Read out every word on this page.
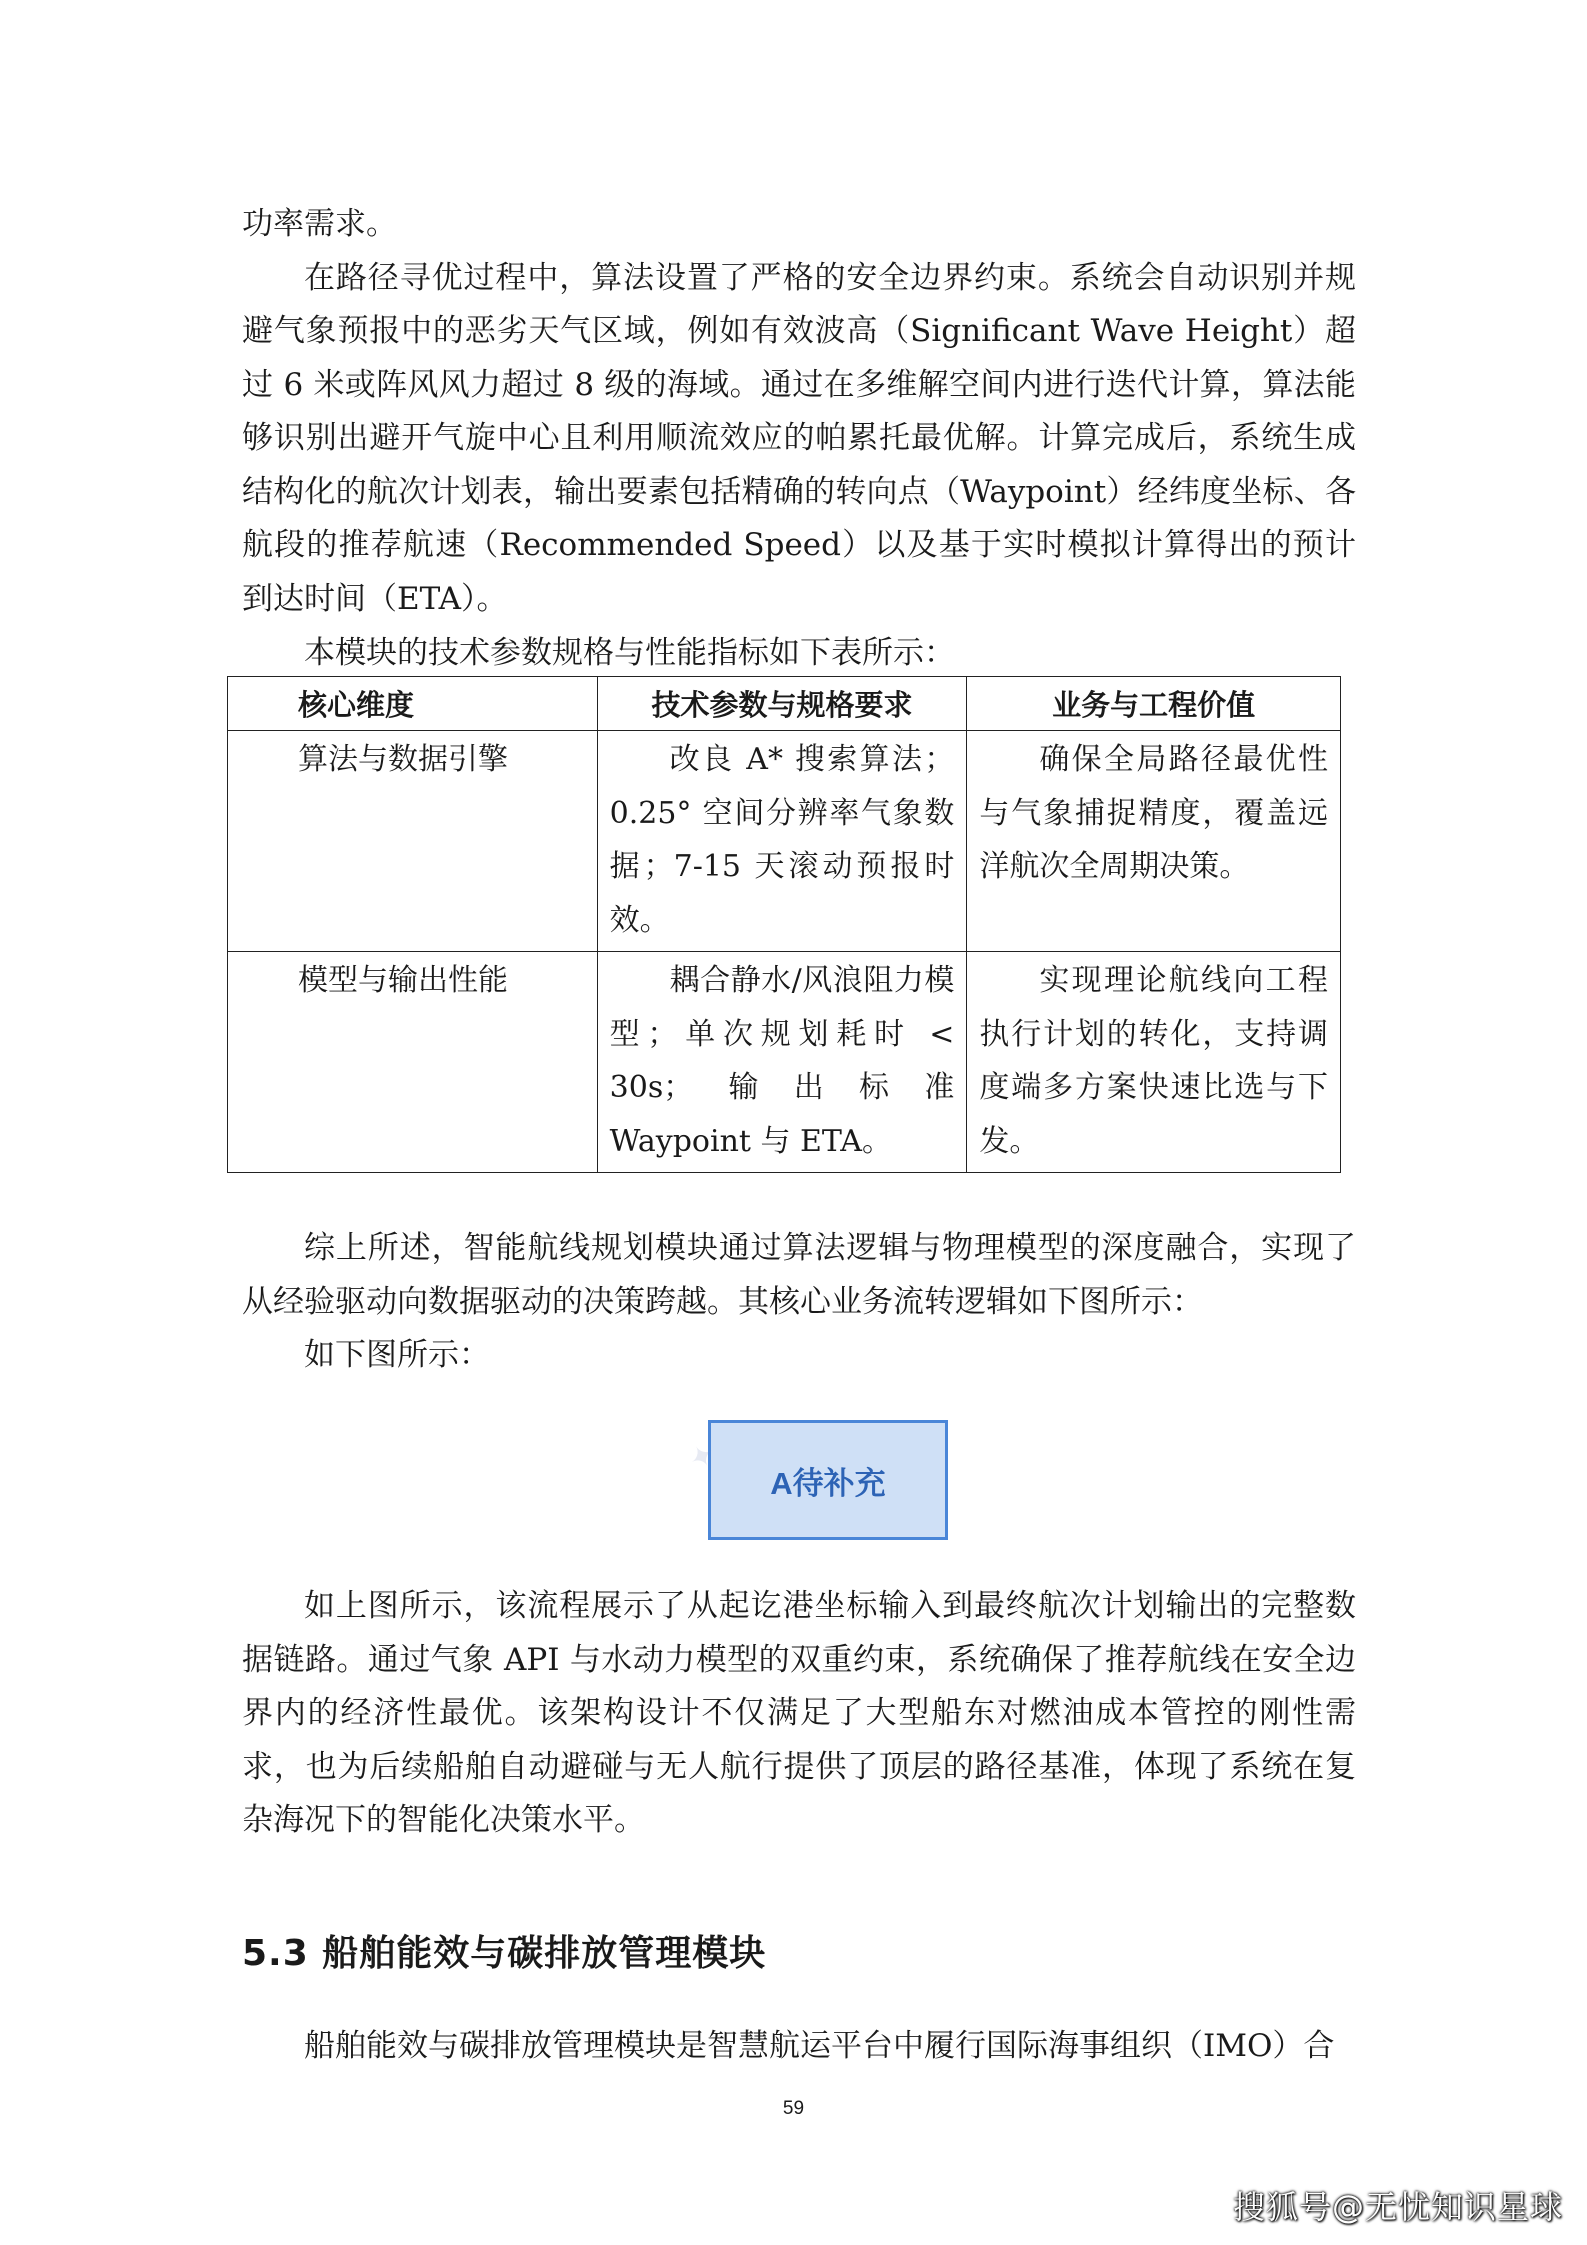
功率需求。

在路径寻优过程中，算法设置了严格的安全边界约束。系统会自动识别并规避气象预报中的恶劣天气区域，例如有效波高（Significant Wave Height）超过 6 米或阵风风力超过 8 级的海域。通过在多维解空间内进行迭代计算，算法能够识别出避开气旋中心且利用顺流效应的帕累托最优解。计算完成后，系统生成结构化的航次计划表，输出要素包括精确的转向点（Waypoint）经纬度坐标、各航段的推荐航速（Recommended Speed）以及基于实时模拟计算得出的预计到达时间（ETA）。

本模块的技术参数规格与性能指标如下表所示：

核心维度	技术参数与规格要求	业务与工程价值
算法与数据引擎	改良 A* 搜索算法；0.25° 空间分辨率气象数据；7-15 天滚动预报时效。	确保全局路径最优性与气象捕捉精度，覆盖远洋航次全周期决策。
模型与输出性能	耦合静水/风浪阻力模型；单次规划耗时 < 30s；输出标准 Waypoint 与 ETA。	实现理论航线向工程执行计划的转化，支持调度端多方案快速比选与下发。

综上所述，智能航线规划模块通过算法逻辑与物理模型的深度融合，实现了从经验驱动向数据驱动的决策跨越。其核心业务流转逻辑如下图所示：

如下图所示：

A待补充
✦

如上图所示，该流程展示了从起讫港坐标输入到最终航次计划输出的完整数据链路。通过气象 API 与水动力模型的双重约束，系统确保了推荐航线在安全边界内的经济性最优。该架构设计不仅满足了大型船东对燃油成本管控的刚性需求，也为后续船舶自动避碰与无人航行提供了顶层的路径基准，体现了系统在复杂海况下的智能化决策水平。

5.3 船舶能效与碳排放管理模块

船舶能效与碳排放管理模块是智慧航运平台中履行国际海事组织（IMO）合

59
搜狐号@无忧知识星球
